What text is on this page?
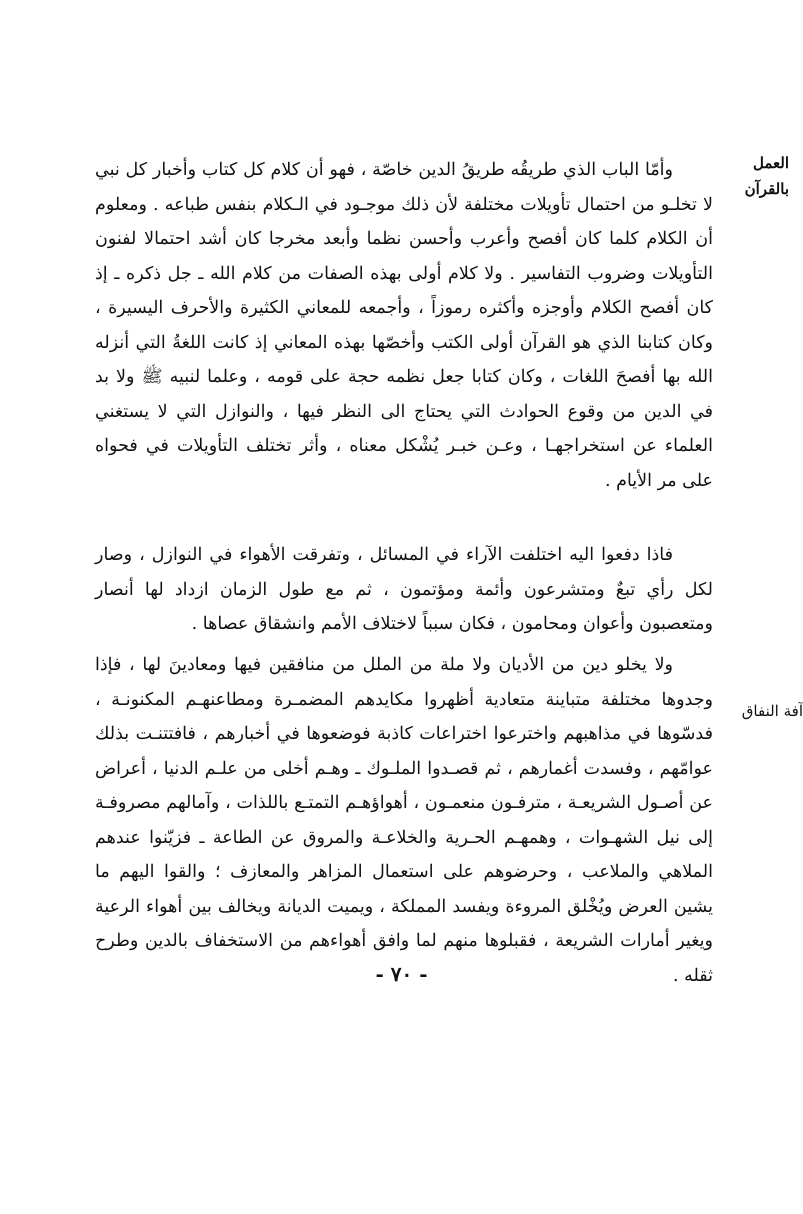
العمل بالقرآن

وأمّا الباب الذي طريقُه طريقُ الدين خاصّة ، فهو أن كلام كل كتاب وأخبار كل نبي لا تخلـو من احتمال تأويلات مختلفة لأن ذلك موجـود في الـكلام بنفس طباعه . ومعلوم أن الكلام كلما كان أفصح وأعرب وأحسن نظما وأبعد مخرجا كان أشد احتمالا لفنون التأويلات وضروب التفاسير . ولا كلام أولى بهذه الصفات من كلام الله ـ جل ذكره ـ إذ كان أفصح الكلام وأوجزه وأكثره رموزاً ، وأجمعه للمعاني الكثيرة والأحرف اليسيرة ، وكان كتابنا الذي هو القرآن أولى الكتب وأخصّها بهذه المعاني إذ كانت اللغةُ التي أنزله الله بها أفصحَ اللغات ، وكان كتابا جعل نظمه حجة على قومه ، وعلما لنبيه ﷺ ولا بد في الدين من وقوع الحوادث التي يحتاج الى النظر فيها ، والنوازل التي لا يستغني العلماء عن استخراجهـا ، وعـن خبـر يُشْكل معناه ، وأثر تختلف التأويلات في فحواه على مر الأيام .

فاذا دفعوا اليه اختلفت الآراء في المسائل ، وتفرقت الأهواء في النوازل ، وصار لكل رأي تبعٌ ومتشرعون وأئمة ومؤتمون ، ثم مع طول الزمان ازداد لها أنصار ومتعصبون وأعوان ومحامون ، فكان سبباً لاختلاف الأمم وانشقاق عصاها .

آفة النفاق

ولا يخلو دين من الأديان ولا ملة من الملل من منافقين فيها ومعادينَ لها ، فإذا وجدوها مختلفة متباينة متعادية أظهروا مكايدهم المضمـرة ومطاعنهـم المكنونـة ، فدسّوها في مذاهبهم واخترعوا اختراعات كاذبة فوضعوها في أخبارهم ، فافتتنـت بذلك عوامّهم ، وفسدت أغمارهم ، ثم قصـدوا الملـوك ـ وهـم أخلى من علـم الدنيا ، أعراض عن أصـول الشريعـة ، مترفـون منعمـون ، أهواؤهـم التمتـع باللذات ، وآمالهم مصروفـة إلى نيل الشهـوات ، وهمهـم الحـرية والخلاعـة والمروق عن الطاعة ـ فزيّنوا عندهم الملاهي والملاعب ، وحرضوهم على استعمال المزاهر والمعازف ؛ والقوا اليهم ما يشين العرض ويُخْلق المروءة ويفسد المملكة ، ويميت الديانة ويخالف بين أهواء الرعية ويغير أمارات الشريعة ، فقبلوها منهم لما وافق أهواءهم من الاستخفاف بالدين وطرح ثقله .

- ٧٠ -
